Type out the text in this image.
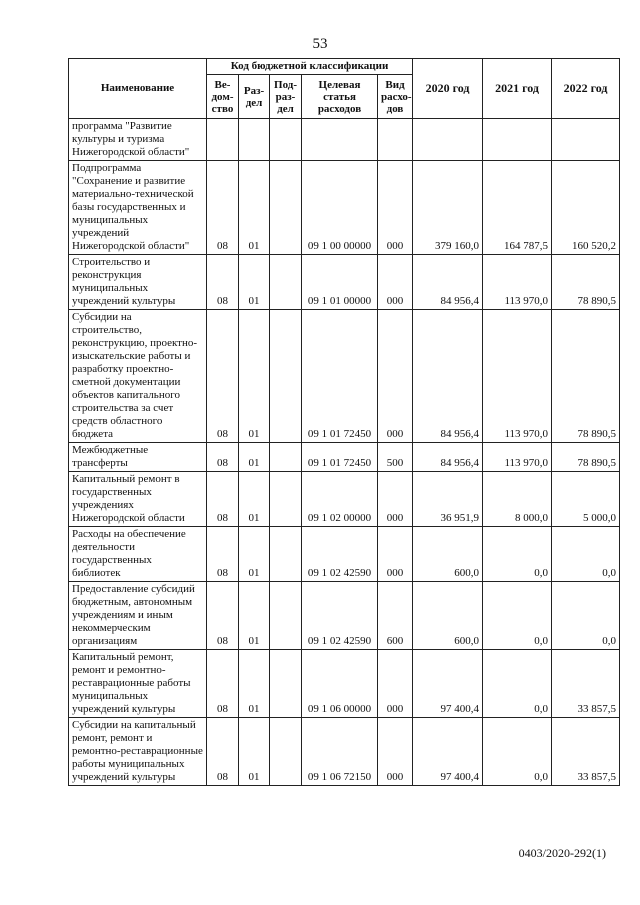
53
Наименование	Код бюджетной классификации					2020 год	2021 год	2022 год
	Ве-дом-ство	Раз-дел	Под-раз-дел	Целевая статья расходов	Вид расхо-дов			
программа "Развитие культуры и туризма Нижегородской области"								
Подпрограмма "Сохранение и развитие материально-технической базы государственных и муниципальных учреждений Нижегородской области"	08	01		09 1 00 00000	000	379 160,0	164 787,5	160 520,2
Строительство и реконструкция муниципальных учреждений культуры	08	01		09 1 01 00000	000	84 956,4	113 970,0	78 890,5
Субсидии на строительство, реконструкцию, проектно-изыскательские работы и разработку проектно-сметной документации объектов капитального строительства за счет средств областного бюджета	08	01		09 1 01 72450	000	84 956,4	113 970,0	78 890,5
Межбюджетные трансферты	08	01		09 1 01 72450	500	84 956,4	113 970,0	78 890,5
Капитальный ремонт в государственных учреждениях Нижегородской области	08	01		09 1 02 00000	000	36 951,9	8 000,0	5 000,0
Расходы на обеспечение деятельности государственных библиотек	08	01		09 1 02 42590	000	600,0	0,0	0,0
Предоставление субсидий бюджетным, автономным учреждениям и иным некоммерческим организациям	08	01		09 1 02 42590	600	600,0	0,0	0,0
Капитальный ремонт, ремонт и ремонтно-реставрационные работы муниципальных учреждений культуры	08	01		09 1 06 00000	000	97 400,4	0,0	33 857,5
Субсидии на капитальный ремонт, ремонт и ремонтно-реставрационные работы муниципальных учреждений культуры	08	01		09 1 06 72150	000	97 400,4	0,0	33 857,5
0403/2020-292(1)
